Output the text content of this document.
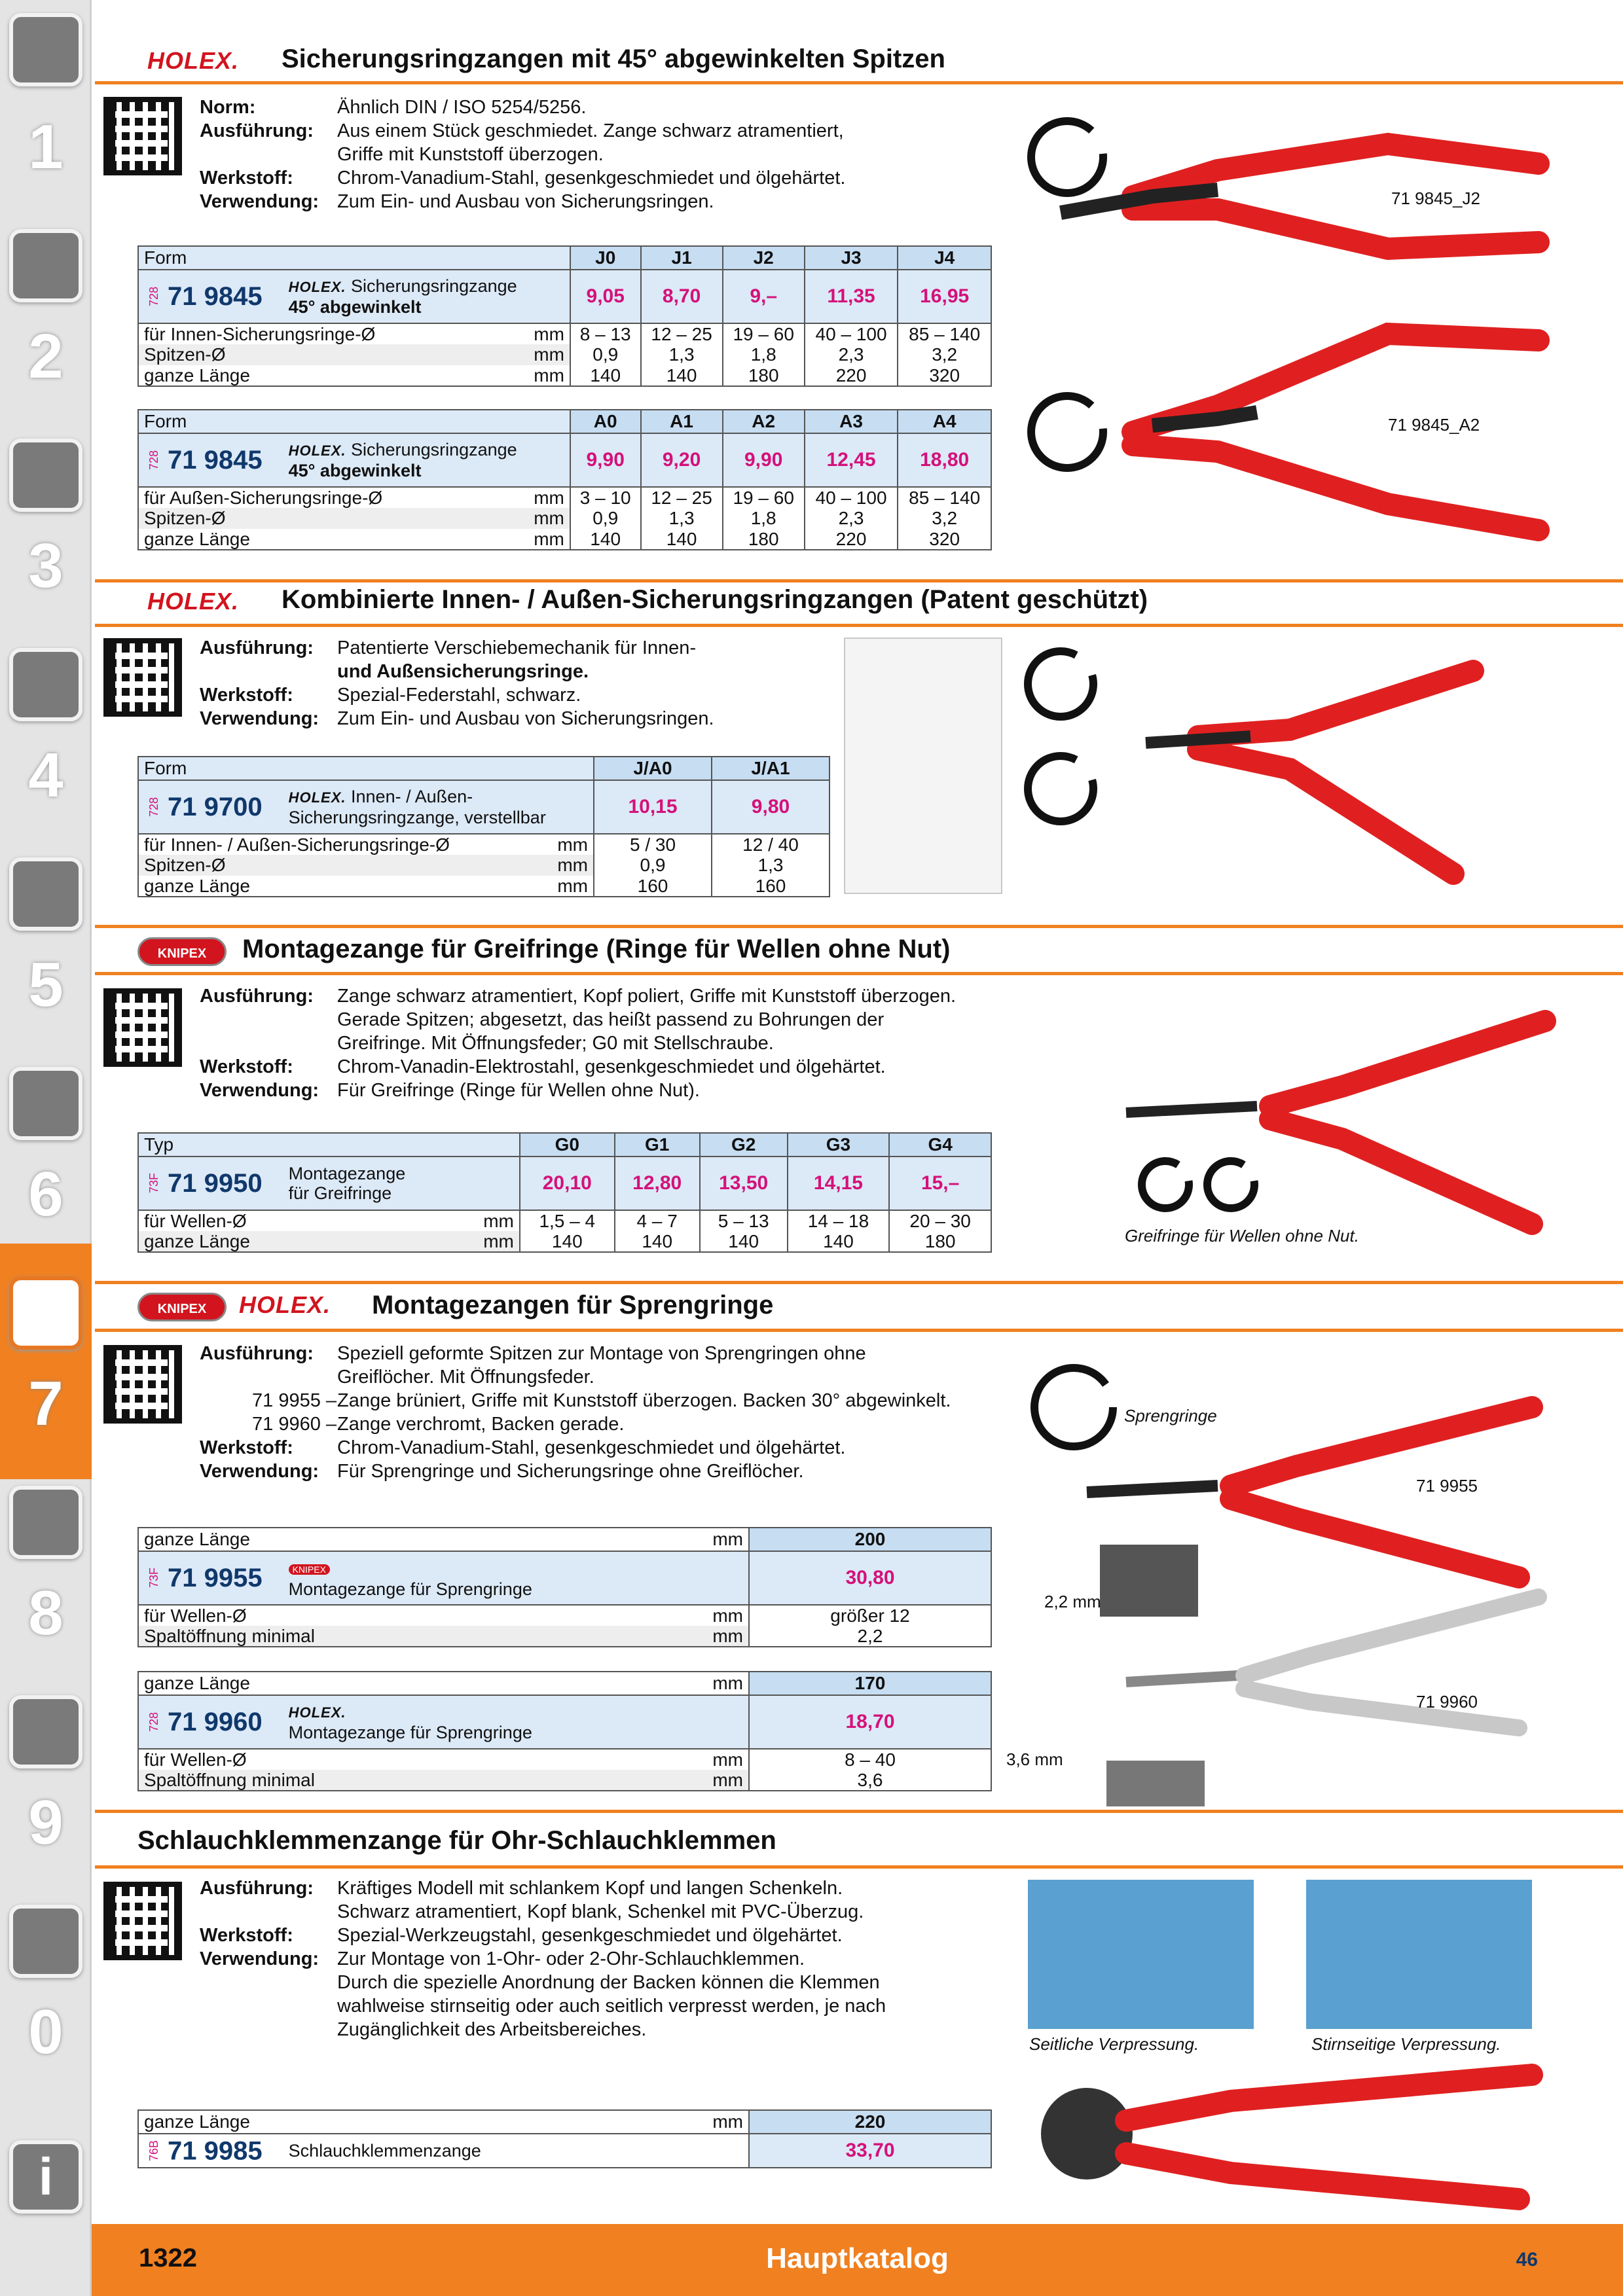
1
2
3
4
5
6
7
8
9
0
i
HOLEX. Sicherungsringzangen mit 45° abgewinkelten Spitzen
Norm:	Ähnlich DIN / ISO 5254/5256.
Ausführung: Aus einem Stück geschmiedet. Zange schwarz atramentiert,
Griffe mit Kunststoff überzogen.
Werkstoff: Chrom-Vanadium-Stahl, gesenkgeschmiedet und ölgehärtet.
Verwendung: Zum Ein- und Ausbau von Sicherungsringen.
Form		J0	J1	J2	J3	J4
728 71 9845 HOLEX. Sicherungsringzange
45° abgewinkelt		9,05	8,70	9,–	11,35	16,95
für Innen-Sicherungsringe-Ø	mm	8 – 13	12 – 25	19 – 60	40 – 100	85 – 140
Spitzen-Ø	mm	0,9	1,3	1,8	2,3	3,2
ganze Länge	mm	140	140	180	220	320
Form		A0	A1	A2	A3	A4
728 71 9845 HOLEX. Sicherungsringzange
45° abgewinkelt		9,90	9,20	9,90	12,45	18,80
für Außen-Sicherungsringe-Ø	mm	3 – 10	12 – 25	19 – 60	40 – 100	85 – 140
Spitzen-Ø	mm	0,9	1,3	1,8	2,3	3,2
ganze Länge	mm	140	140	180	220	320
71 9845_J2
71 9845_A2
HOLEX. Kombinierte Innen- / Außen-Sicherungsringzangen (Patent geschützt)
Ausführung: Patentierte Verschiebemechanik für Innen-
und Außensicherungsringe.
Werkstoff: Spezial-Federstahl, schwarz.
Verwendung: Zum Ein- und Ausbau von Sicherungsringen.
Form		J/A0	J/A1
728 71 9700 HOLEX. Innen- / Außen-
Sicherungsringzange, verstellbar		10,15	9,80
für Innen- / Außen-Sicherungsringe-Ø	mm	5 / 30	12 / 40
Spitzen-Ø	mm	0,9	1,3
ganze Länge	mm	160	160
KNIPEX	Montagezange für Greifringe (Ringe für Wellen ohne Nut)
Ausführung: Zange schwarz atramentiert, Kopf poliert, Griffe mit Kunststoff überzogen.
Gerade Spitzen; abgesetzt, das heißt passend zu Bohrungen der
Greifringe. Mit Öffnungsfeder; G0 mit Stellschraube.
Werkstoff: Chrom-Vanadin-Elektrostahl, gesenkgeschmiedet und ölgehärtet.
Verwendung: Für Greifringe (Ringe für Wellen ohne Nut).
Typ		G0	G1	G2	G3	G4
73F 71 9950 Montagezange
für Greifringe		20,10	12,80	13,50	14,15	15,–
für Wellen-Ø	mm	1,5 – 4	4 – 7	5 – 13	14 – 18	20 – 30
ganze Länge	mm	140	140	140	140	180	Greifringe für Wellen ohne Nut.
KNIPEX	HOLEX. Montagezangen für Sprengringe
Ausführung: Speziell geformte Spitzen zur Montage von Sprengringen ohne
Greiflöcher. Mit Öffnungsfeder.
71 9955 – Zange brüniert, Griffe mit Kunststoff überzogen. Backen 30° abgewinkelt.
71 9960 – Zange verchromt, Backen gerade.
Werkstoff: Chrom-Vanadium-Stahl, gesenkgeschmiedet und ölgehärtet.
Verwendung: Für Sprengringe und Sicherungsringe ohne Greiflöcher.
ganze Länge	mm	200
73F 71 9955 KNIPEX
Montagezange für Sprengringe		30,80
für Wellen-Ø	mm	größer 12
Spaltöffnung minimal	mm	2,2
ganze Länge	mm	170
728 71 9960 HOLEX.
Montagezange für Sprengringe		18,70
für Wellen-Ø	mm	8 – 40
Spaltöffnung minimal	mm	3,6
Sprengringe
71 9955
2,2 mm
71 9960
3,6 mm
Schlauchklemmenzange für Ohr-Schlauchklemmen
Ausführung: Kräftiges Modell mit schlankem Kopf und langen Schenkeln.
Schwarz atramentiert, Kopf blank, Schenkel mit PVC-Überzug.
Werkstoff: Spezial-Werkzeugstahl, gesenkgeschmiedet und ölgehärtet.
Verwendung: Zur Montage von 1-Ohr- oder 2-Ohr-Schlauchklemmen.
Durch die spezielle Anordnung der Backen können die Klemmen
wahlweise stirnseitig oder auch seitlich verpresst werden, je nach
Zugänglichkeit des Arbeitsbereiches.
ganze Länge	mm	220
76B 71 9985 Schlauchklemmenzange		33,70
Seitliche Verpressung.	Stirnseitige Verpressung.
1322	Hauptkatalog	46
